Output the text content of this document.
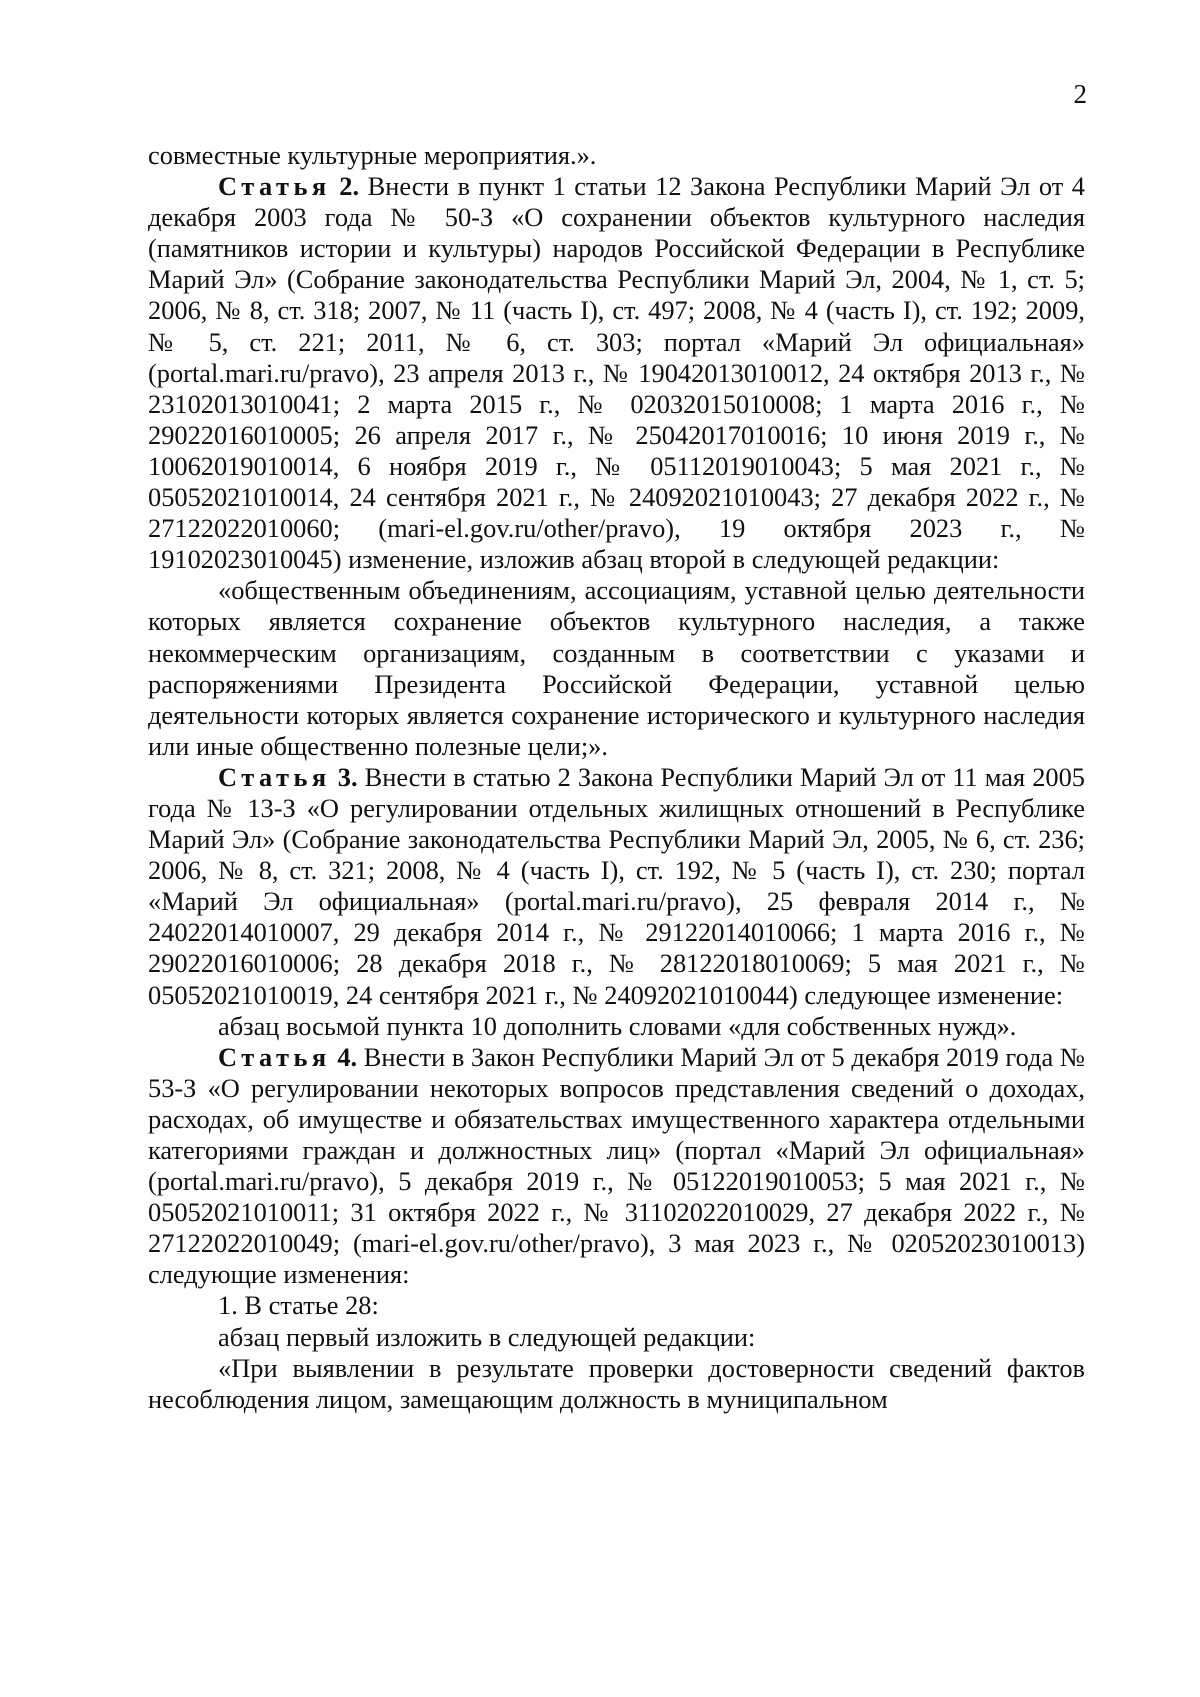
2

совместные культурные мероприятия.».

Статья 2. Внести в пункт 1 статьи 12 Закона Республики Марий Эл от 4 декабря 2003 года № 50-З «О сохранении объектов культурного наследия (памятников истории и культуры) народов Российской Федерации в Республике Марий Эл» (Собрание законодательства Республики Марий Эл, 2004, № 1, ст. 5; 2006, № 8, ст. 318; 2007, № 11 (часть I), ст. 497; 2008, № 4 (часть I), ст. 192; 2009, № 5, ст. 221; 2011, № 6, ст. 303; портал «Марий Эл официальная» (portal.mari.ru/pravo), 23 апреля 2013 г., № 19042013010012, 24 октября 2013 г., № 23102013010041; 2 марта 2015 г., № 02032015010008; 1 марта 2016 г., № 29022016010005; 26 апреля 2017 г., № 25042017010016; 10 июня 2019 г., № 10062019010014, 6 ноября 2019 г., № 05112019010043; 5 мая 2021 г., № 05052021010014, 24 сентября 2021 г., № 24092021010043; 27 декабря 2022 г., № 27122022010060; (mari-el.gov.ru/other/pravo), 19 октября 2023 г., № 19102023010045) изменение, изложив абзац второй в следующей редакции:

«общественным объединениям, ассоциациям, уставной целью деятельности которых является сохранение объектов культурного наследия, а также некоммерческим организациям, созданным в соответствии с указами и распоряжениями Президента Российской Федерации, уставной целью деятельности которых является сохранение исторического и культурного наследия или иные общественно полезные цели;».

Статья 3. Внести в статью 2 Закона Республики Марий Эл от 11 мая 2005 года № 13-З «О регулировании отдельных жилищных отношений в Республике Марий Эл» (Собрание законодательства Республики Марий Эл, 2005, № 6, ст. 236; 2006, № 8, ст. 321; 2008, № 4 (часть I), ст. 192, № 5 (часть I), ст. 230; портал «Марий Эл официальная» (portal.mari.ru/pravo), 25 февраля 2014 г., № 24022014010007, 29 декабря 2014 г., № 29122014010066; 1 марта 2016 г., № 29022016010006; 28 декабря 2018 г., № 28122018010069; 5 мая 2021 г., № 05052021010019, 24 сентября 2021 г., № 24092021010044) следующее изменение:

абзац восьмой пункта 10 дополнить словами «для собственных нужд».

Статья 4. Внести в Закон Республики Марий Эл от 5 декабря 2019 года № 53-З «О регулировании некоторых вопросов представления сведений о доходах, расходах, об имуществе и обязательствах имущественного характера отдельными категориями граждан и должностных лиц» (портал «Марий Эл официальная» (portal.mari.ru/pravo), 5 декабря 2019 г., № 05122019010053; 5 мая 2021 г., № 05052021010011; 31 октября 2022 г., № 31102022010029, 27 декабря 2022 г., № 27122022010049; (mari-el.gov.ru/other/pravo), 3 мая 2023 г., № 02052023010013) следующие изменения:

1. В статье 28:

абзац первый изложить в следующей редакции:

«При выявлении в результате проверки достоверности сведений фактов несоблюдения лицом, замещающим должность в муниципальном
